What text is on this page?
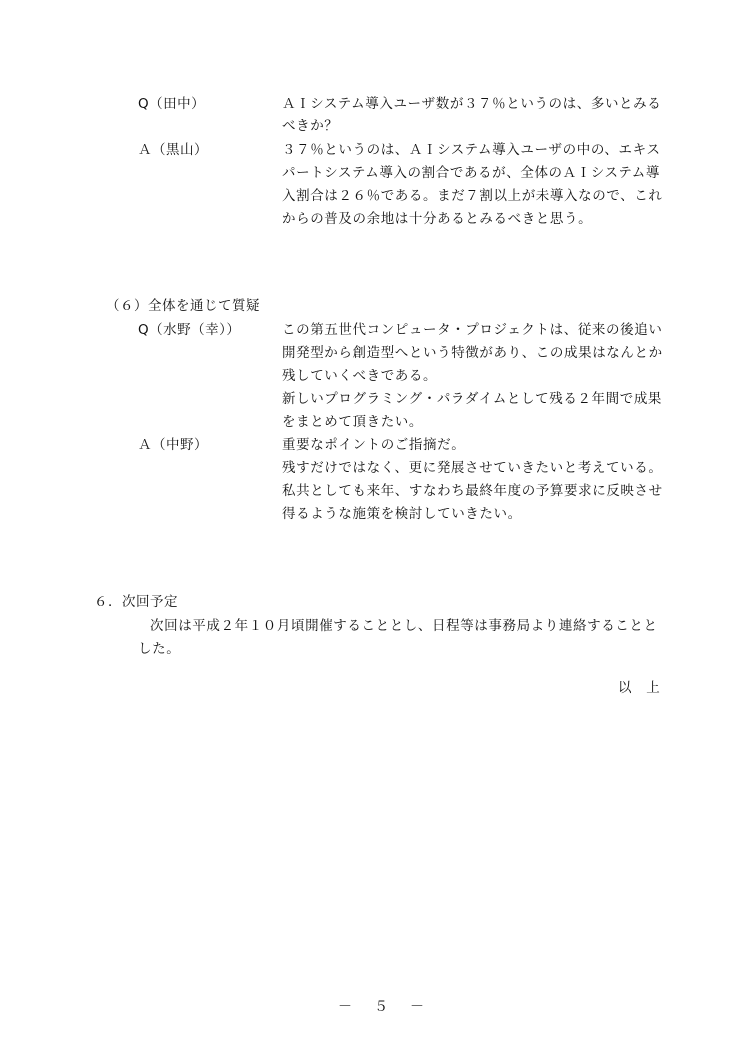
Q（田中）	ＡＩシステム導入ユーザ数が３７％というのは、多いとみる
べきか？
Ａ（黒山）	３７％というのは、ＡＩシステム導入ユーザの中の、エキス
パートシステム導入の割合であるが、全体のＡＩシステム導
入割合は２６％である。まだ７割以上が未導入なので、これ
からの普及の余地は十分あるとみるべきと思う。
（６）全体を通じて質疑
Q（水野（幸））	この第五世代コンピュータ・プロジェクトは、従来の後追い
開発型から創造型へという特徴があり、この成果はなんとか
残していくべきである。
新しいプログラミング・パラダイムとして残る２年間で成果
をまとめて頂きたい。
Ａ（中野）	重要なポイントのご指摘だ。
残すだけではなく、更に発展させていきたいと考えている。
私共としても来年、すなわち最終年度の予算要求に反映させ
得るような施策を検討していきたい。
６．次回予定
次回は平成２年１０月頃開催することとし、日程等は事務局より連絡することと
した。
以　上
－　５　－
